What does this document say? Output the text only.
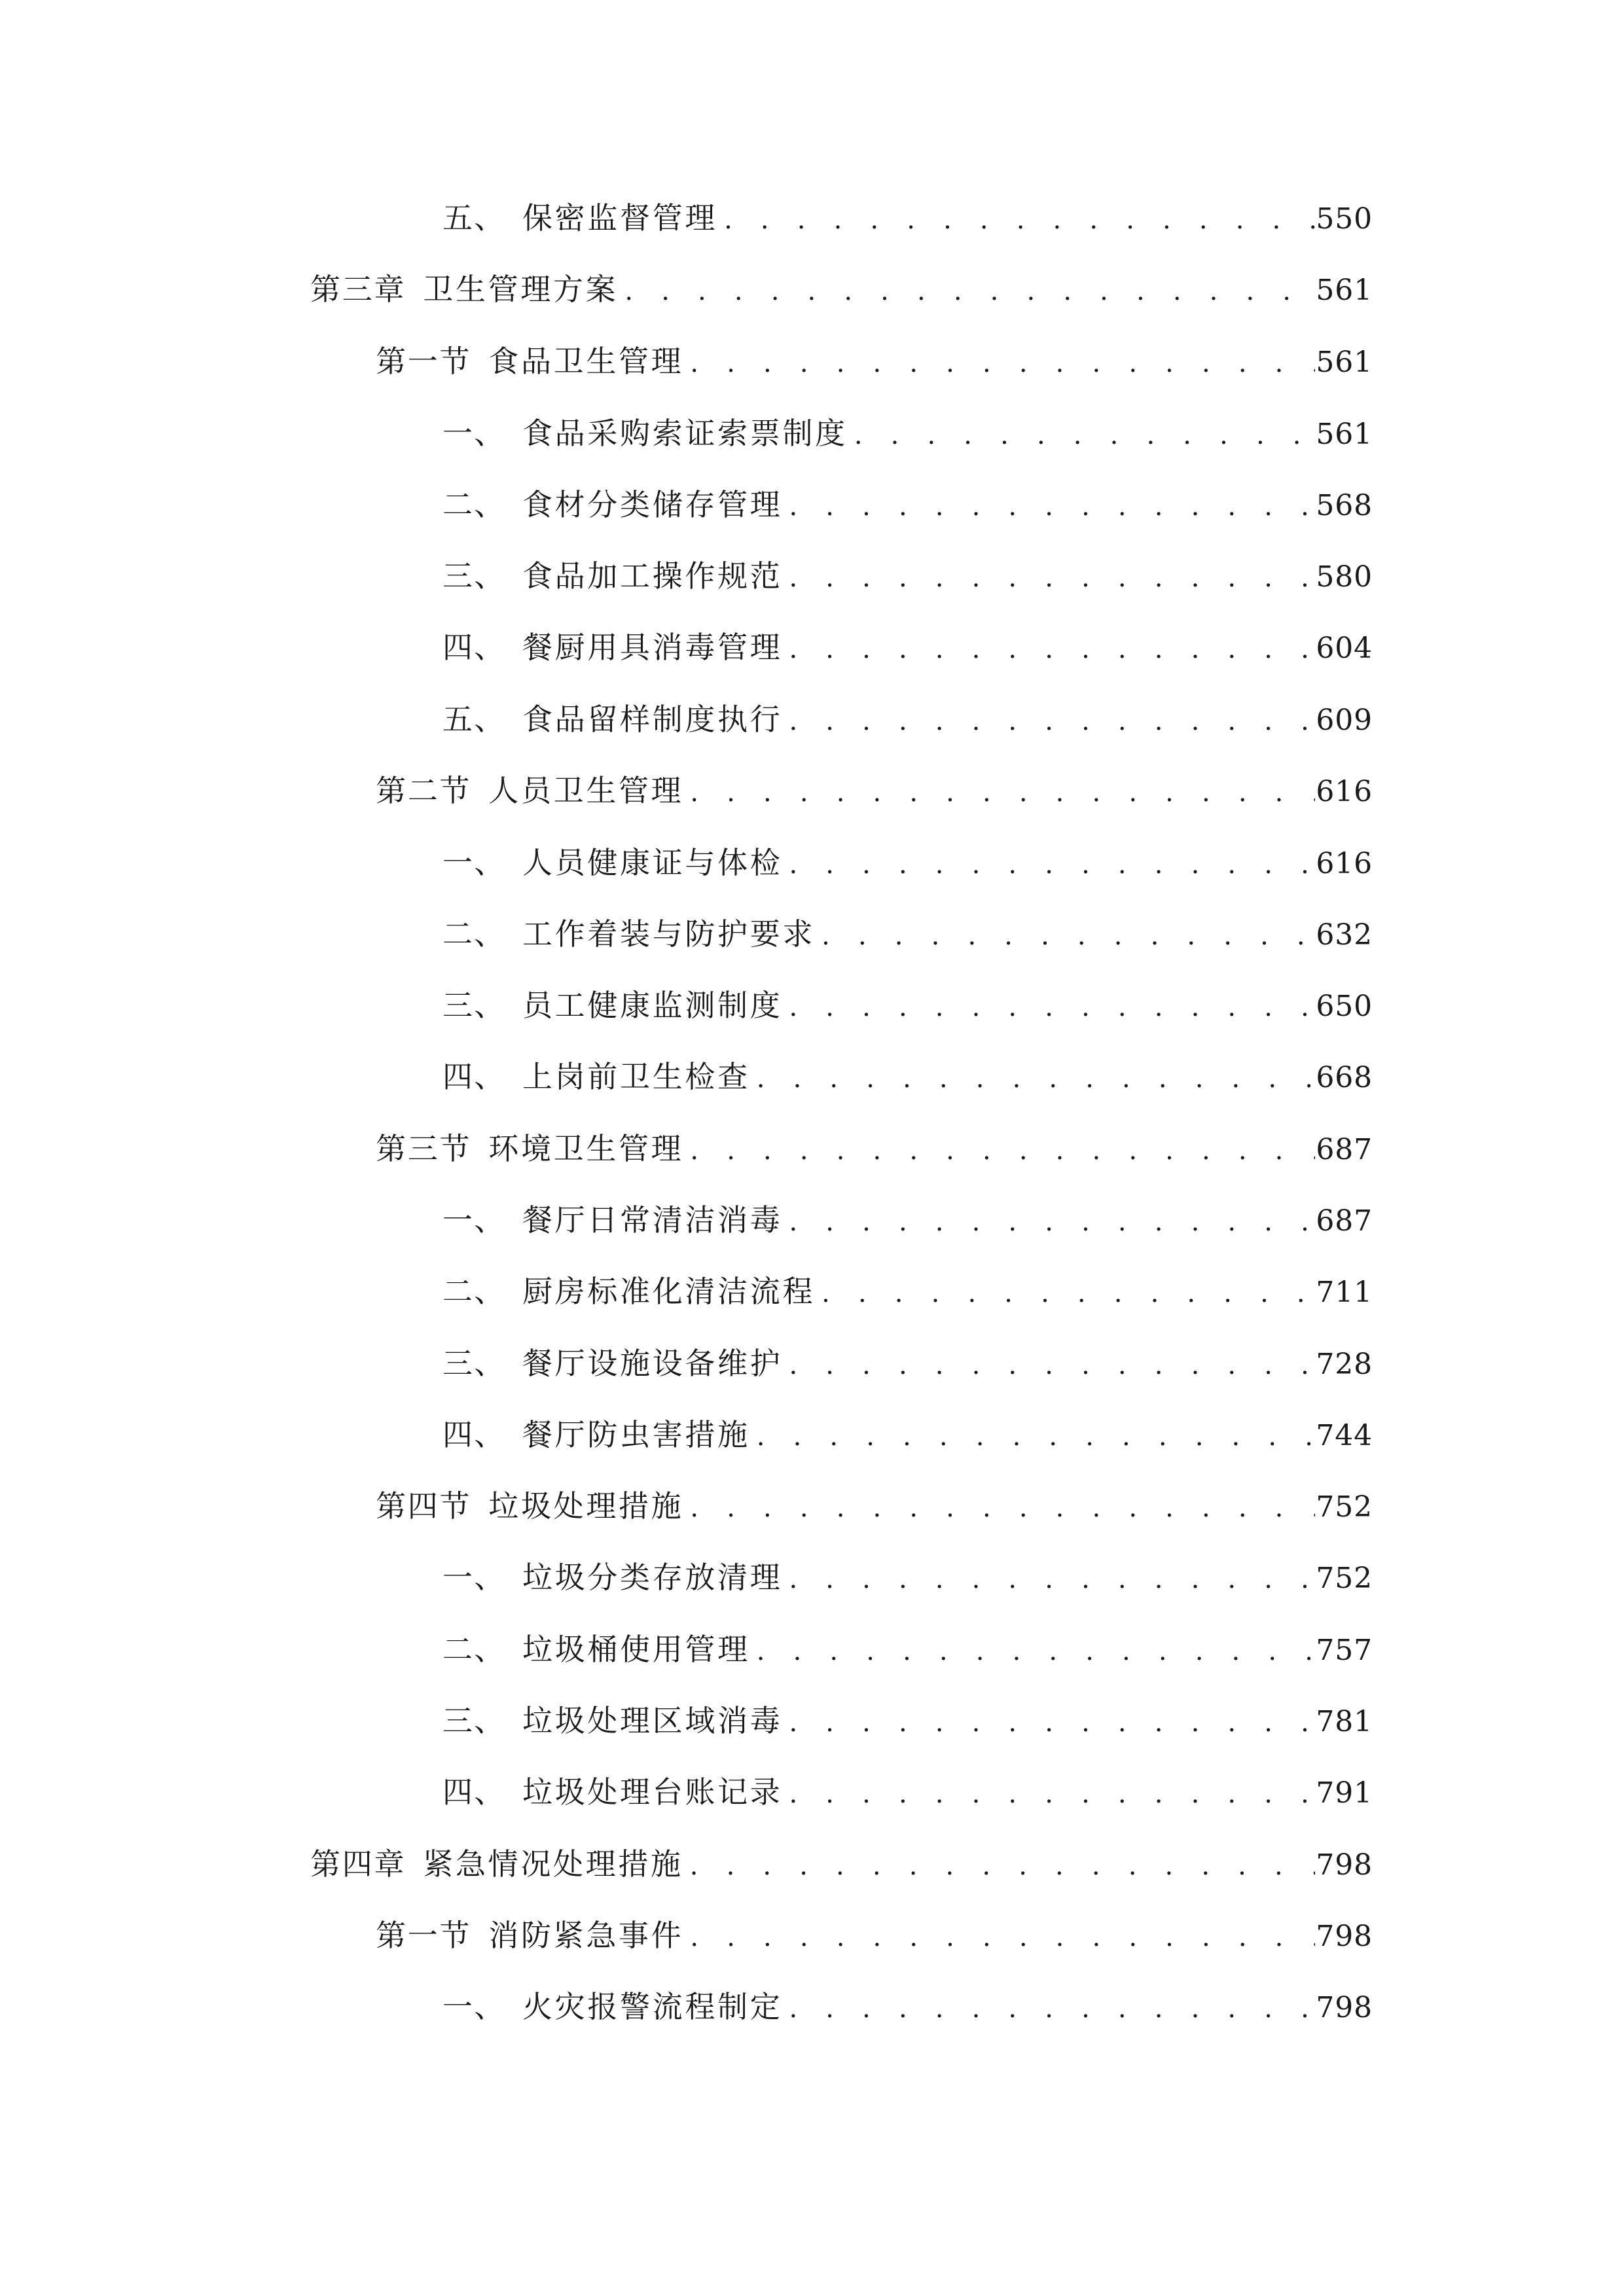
五、 保密监督管理 . . .	550
第三章 卫生管理方案 . . .	561
第一节 食品卫生管理 . . .	561
一、 食品采购索证索票制度 . . .	561
二、 食材分类储存管理 . . .	568
三、 食品加工操作规范 . . .	580
四、 餐厨用具消毒管理 . . .	604
五、 食品留样制度执行 . . .	609
第二节 人员卫生管理 . . .	616
一、 人员健康证与体检 . . .	616
二、 工作着装与防护要求 . . .	632
三、 员工健康监测制度 . . .	650
四、 上岗前卫生检查 . . .	668
第三节 环境卫生管理 . . .	687
一、 餐厅日常清洁消毒 . . .	687
二、 厨房标准化清洁流程 . . .	711
三、 餐厅设施设备维护 . . .	728
四、 餐厅防虫害措施 . . .	744
第四节 垃圾处理措施 . . .	752
一、 垃圾分类存放清理 . . .	752
二、 垃圾桶使用管理 . . .	757
三、 垃圾处理区域消毒 . . .	781
四、 垃圾处理台账记录 . . .	791
第四章 紧急情况处理措施 . . .	798
第一节 消防紧急事件 . . .	798
一、 火灾报警流程制定 . . .	798
